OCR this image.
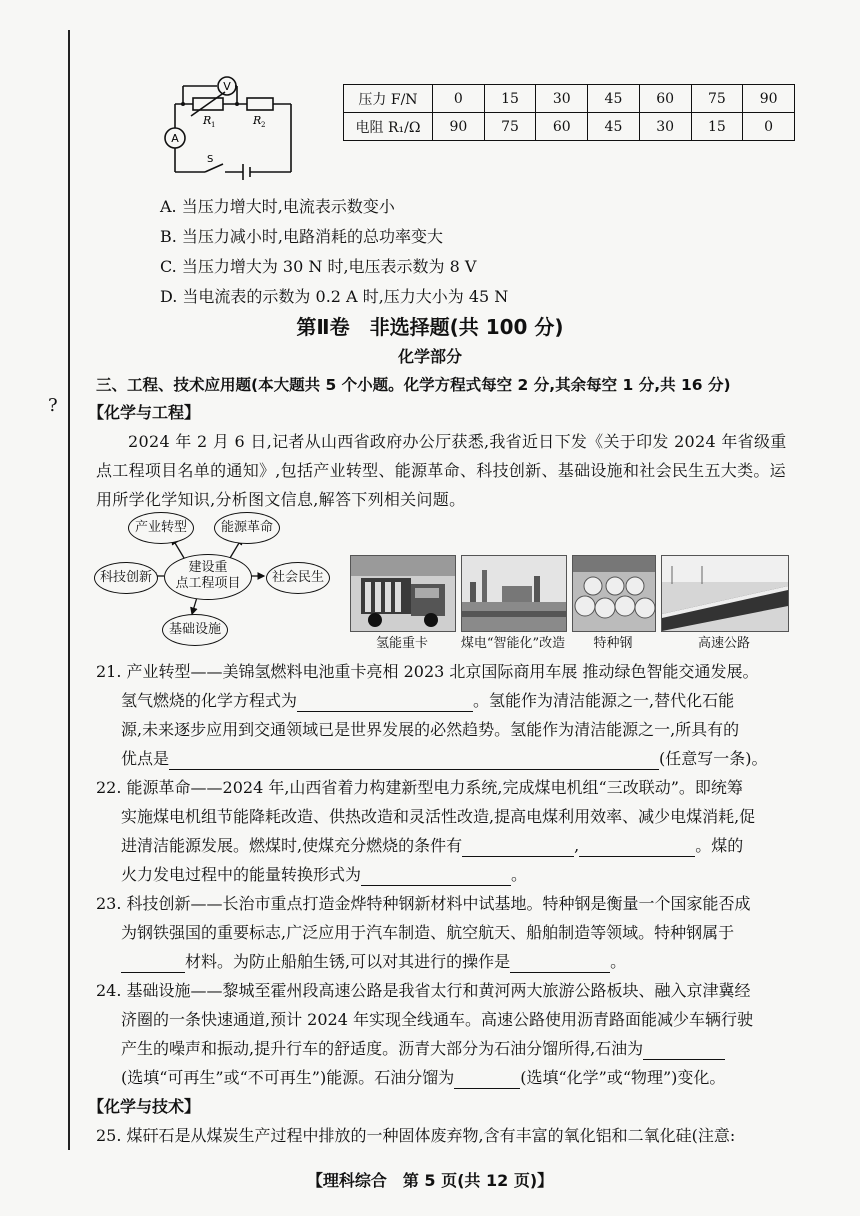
?
V
A
R 1	R 2
S
压力 F/N	0	15	30	45	60	75	90
电阻 R₁/Ω	90	75	60	45	30	15	0
A. 当压力增大时,电流表示数变小
B. 当压力减小时,电路消耗的总功率变大
C. 当压力增大为 30 N 时,电压表示数为 8 V
D. 当电流表的示数为 0.2 A 时,压力大小为 45 N
第Ⅱ卷　非选择题(共 100 分)
化学部分
三、工程、技术应用题(本大题共 5 个小题。化学方程式每空 2 分,其余每空 1 分,共 16 分)
【化学与工程】
2024 年 2 月 6 日,记者从山西省政府办公厅获悉,我省近日下发《关于印发 2024 年省级重
点工程项目名单的通知》,包括产业转型、能源革命、科技创新、基础设施和社会民生五大类。运
用所学化学知识,分析图文信息,解答下列相关问题。
产业转型	能源革命
科技创新
建设重
点工程项目	社会民生
基础设施
氢能重卡	煤电“智能化”改造	特种钢	高速公路
21. 产业转型——美锦氢燃料电池重卡亮相 2023 北京国际商用车展 推动绿色智能交通发展。
氢气燃烧的化学方程式为	。氢能作为清洁能源之一,替代化石能
源,未来逐步应用到交通领域已是世界发展的必然趋势。氢能作为清洁能源之一,所具有的
优点是	(任意写一条)。
22. 能源革命——2024 年,山西省着力构建新型电力系统,完成煤电机组“三改联动”。即统筹
实施煤电机组节能降耗改造、供热改造和灵活性改造,提高电煤利用效率、减少电煤消耗,促
进清洁能源发展。燃煤时,使煤充分燃烧的条件有	,	。煤的
火力发电过程中的能量转换形式为	。
23. 科技创新——长治市重点打造金烨特种钢新材料中试基地。特种钢是衡量一个国家能否成
为钢铁强国的重要标志,广泛应用于汽车制造、航空航天、船舶制造等领域。特种钢属于
材料。为防止船舶生锈,可以对其进行的操作是	。
24. 基础设施——黎城至霍州段高速公路是我省太行和黄河两大旅游公路板块、融入京津冀经
济圈的一条快速通道,预计 2024 年实现全线通车。高速公路使用沥青路面能减少车辆行驶
产生的噪声和振动,提升行车的舒适度。沥青大部分为石油分馏所得,石油为
(选填“可再生”或“不可再生”)能源。石油分馏为	(选填“化学”或“物理”)变化。
【化学与技术】
25. 煤矸石是从煤炭生产过程中排放的一种固体废弃物,含有丰富的氧化铝和二氧化硅(注意:
【理科综合　第 5 页(共 12 页)】
